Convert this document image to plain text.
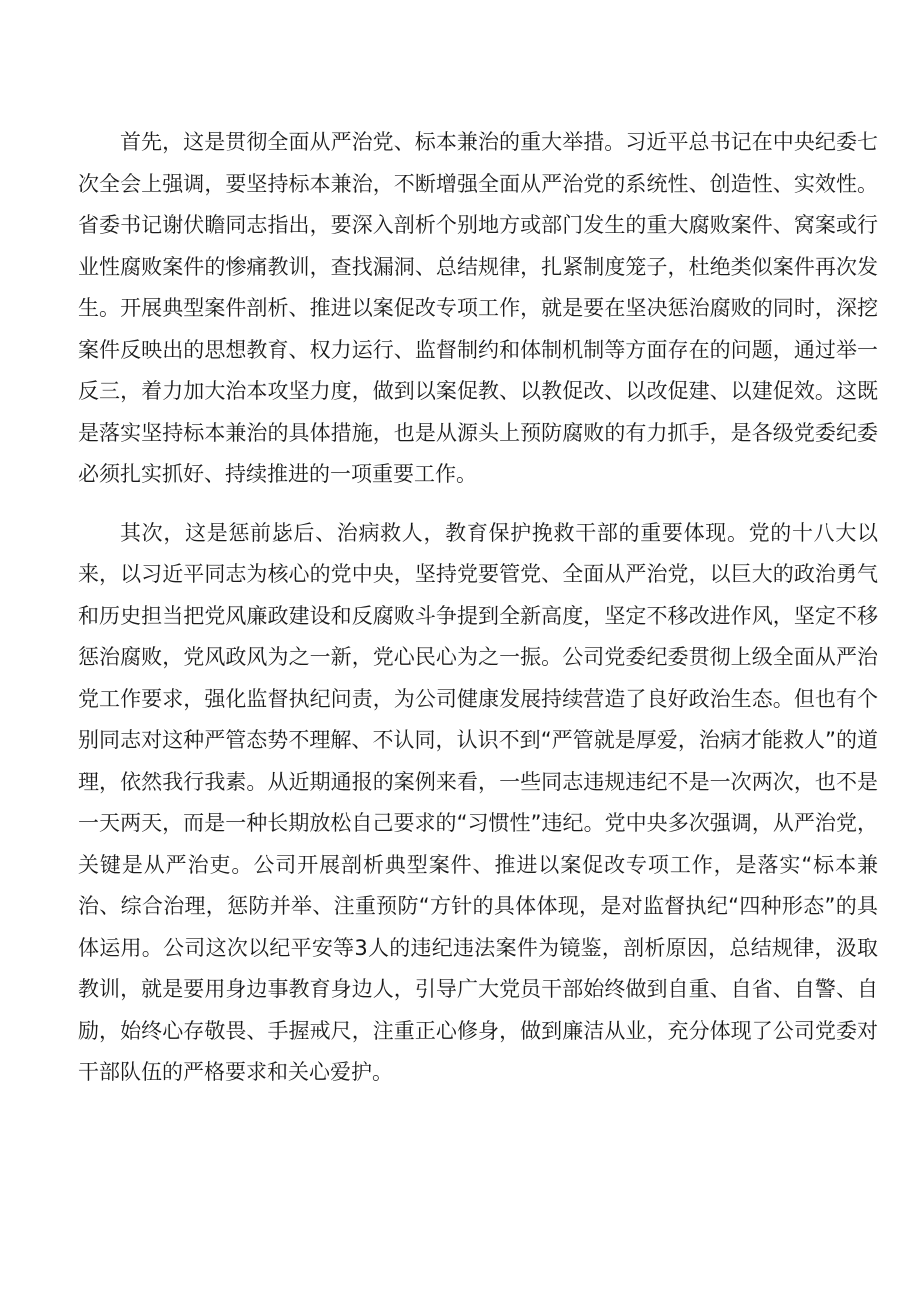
首先，这是贯彻全面从严治党、标本兼治的重大举措。习近平总书记在中央纪委七次全会上强调，要坚持标本兼治，不断增强全面从严治党的系统性、创造性、实效性。省委书记谢伏瞻同志指出，要深入剖析个别地方或部门发生的重大腐败案件、窝案或行业性腐败案件的惨痛教训，查找漏洞、总结规律，扎紧制度笼子，杜绝类似案件再次发生。开展典型案件剖析、推进以案促改专项工作，就是要在坚决惩治腐败的同时，深挖案件反映出的思想教育、权力运行、监督制约和体制机制等方面存在的问题，通过举一反三，着力加大治本攻坚力度，做到以案促教、以教促改、以改促建、以建促效。这既是落实坚持标本兼治的具体措施，也是从源头上预防腐败的有力抓手，是各级党委纪委必须扎实抓好、持续推进的一项重要工作。

其次，这是惩前毖后、治病救人，教育保护挽救干部的重要体现。党的十八大以来，以习近平同志为核心的党中央，坚持党要管党、全面从严治党，以巨大的政治勇气和历史担当把党风廉政建设和反腐败斗争提到全新高度，坚定不移改进作风，坚定不移惩治腐败，党风政风为之一新，党心民心为之一振。公司党委纪委贯彻上级全面从严治党工作要求，强化监督执纪问责，为公司健康发展持续营造了良好政治生态。但也有个别同志对这种严管态势不理解、不认同，认识不到“严管就是厚爱，治病才能救人”的道理，依然我行我素。从近期通报的案例来看，一些同志违规违纪不是一次两次，也不是一天两天，而是一种长期放松自己要求的“习惯性”违纪。党中央多次强调，从严治党，关键是从严治吏。公司开展剖析典型案件、推进以案促改专项工作，是落实“标本兼治、综合治理，惩防并举、注重预防“方针的具体体现，是对监督执纪“四种形态”的具体运用。公司这次以纪平安等3人的违纪违法案件为镜鉴，剖析原因，总结规律，汲取教训，就是要用身边事教育身边人，引导广大党员干部始终做到自重、自省、自警、自励，始终心存敬畏、手握戒尺，注重正心修身，做到廉洁从业，充分体现了公司党委对干部队伍的严格要求和关心爱护。
